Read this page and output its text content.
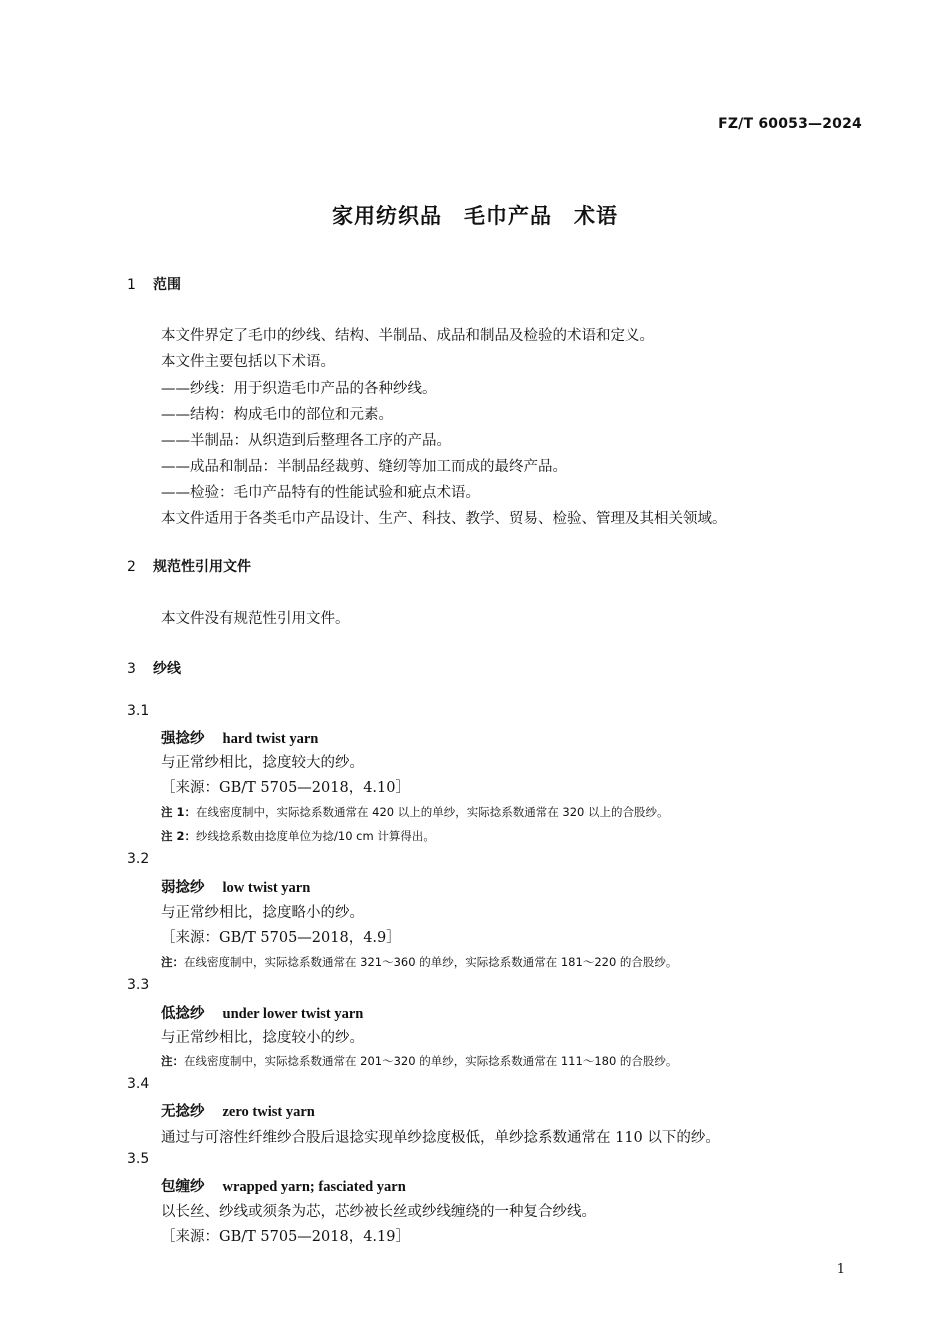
FZ/T 60053—2024
家用纺织品　毛巾产品　术语
1 范围
本文件界定了毛巾的纱线、结构、半制品、成品和制品及检验的术语和定义。
本文件主要包括以下术语。
——纱线：用于织造毛巾产品的各种纱线。
——结构：构成毛巾的部位和元素。
——半制品：从织造到后整理各工序的产品。
——成品和制品：半制品经裁剪、缝纫等加工而成的最终产品。
——检验：毛巾产品特有的性能试验和疵点术语。
本文件适用于各类毛巾产品设计、生产、科技、教学、贸易、检验、管理及其相关领域。
2 规范性引用文件
本文件没有规范性引用文件。
3 纱线
3.1
强捻纱 hard twist yarn
与正常纱相比，捻度较大的纱。
［来源：GB/T 5705—2018，4.10］
注 1：在线密度制中，实际捻系数通常在 420 以上的单纱，实际捻系数通常在 320 以上的合股纱。
注 2：纱线捻系数由捻度单位为捻/10 cm 计算得出。
3.2
弱捻纱 low twist yarn
与正常纱相比，捻度略小的纱。
［来源：GB/T 5705—2018，4.9］
注：在线密度制中，实际捻系数通常在 321～360 的单纱，实际捻系数通常在 181～220 的合股纱。
3.3
低捻纱 under lower twist yarn
与正常纱相比，捻度较小的纱。
注：在线密度制中，实际捻系数通常在 201～320 的单纱，实际捻系数通常在 111～180 的合股纱。
3.4
无捻纱 zero twist yarn
通过与可溶性纤维纱合股后退捻实现单纱捻度极低，单纱捻系数通常在 110 以下的纱。
3.5
包缠纱 wrapped yarn; fasciated yarn
以长丝、纱线或须条为芯，芯纱被长丝或纱线缠绕的一种复合纱线。
［来源：GB/T 5705—2018，4.19］
1
